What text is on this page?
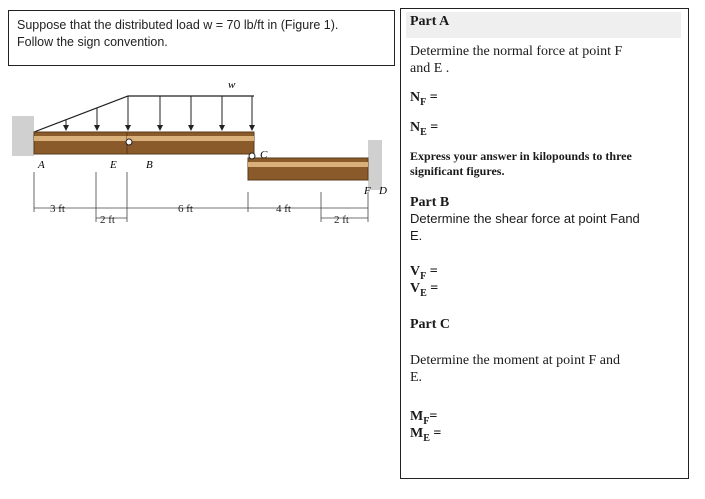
Suppose that the distributed load w = 70 lb/ft in (Figure 1).
Follow the sign convention.
w
A	E	B
C
F D
3 ft
2 ft
6 ft	4 ft
2 ft
Part A
Determine the normal force at point F
and E .
$N_F$ =
$N_E$ =
Express your answer in kilopounds to three significant figures.
Part B
Determine the shear force at point Fand
E.
$V_F$ =
$V_E$ =
Part C
Determine the moment at point F and
E.
$M_F=$
$M_E$ =
